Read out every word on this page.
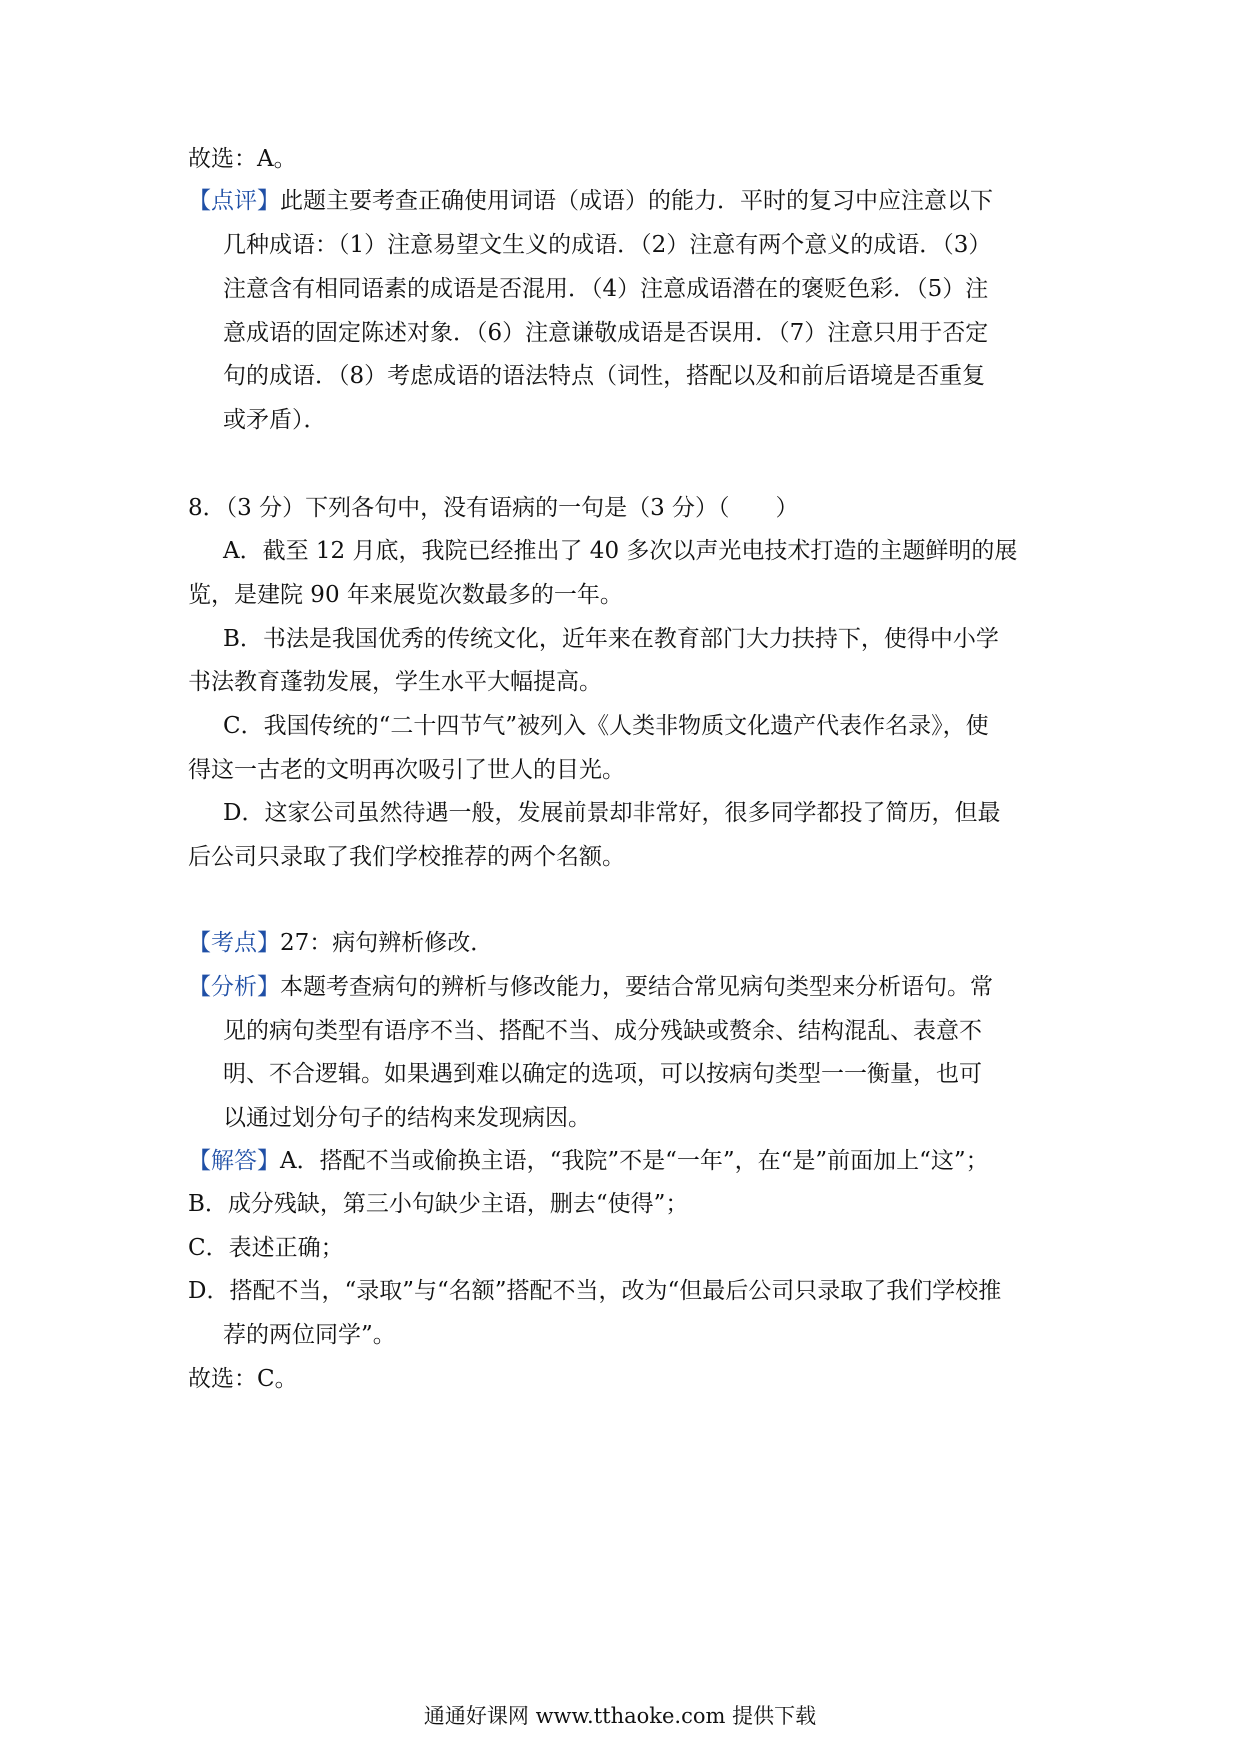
故选：A。
【点评】此题主要考查正确使用词语（成语）的能力．平时的复习中应注意以下
几种成语：（1）注意易望文生义的成语．（2）注意有两个意义的成语．（3）
注意含有相同语素的成语是否混用．（4）注意成语潜在的褒贬色彩．（5）注
意成语的固定陈述对象．（6）注意谦敬成语是否误用．（7）注意只用于否定
句的成语．（8）考虑成语的语法特点（词性，搭配以及和前后语境是否重复
或矛盾）．
8．（3 分）下列各句中，没有语病的一句是（3 分）（　　）
A．截至 12 月底，我院已经推出了 40 多次以声光电技术打造的主题鲜明的展
览，是建院 90 年来展览次数最多的一年。
B．书法是我国优秀的传统文化，近年来在教育部门大力扶持下，使得中小学
书法教育蓬勃发展，学生水平大幅提高。
C．我国传统的“二十四节气”被列入《人类非物质文化遗产代表作名录》，使
得这一古老的文明再次吸引了世人的目光。
D．这家公司虽然待遇一般，发展前景却非常好，很多同学都投了简历，但最
后公司只录取了我们学校推荐的两个名额。
【考点】27：病句辨析修改．
【分析】本题考查病句的辨析与修改能力，要结合常见病句类型来分析语句。常
见的病句类型有语序不当、搭配不当、成分残缺或赘余、结构混乱、表意不
明、不合逻辑。如果遇到难以确定的选项，可以按病句类型一一衡量，也可
以通过划分句子的结构来发现病因。
【解答】A．搭配不当或偷换主语，“我院”不是“一年”，在“是”前面加上“这”；
B．成分残缺，第三小句缺少主语，删去“使得”；
C．表述正确；
D．搭配不当，“录取”与“名额”搭配不当，改为“但最后公司只录取了我们学校推
荐的两位同学”。
故选：C。
通通好课网 www.tthaoke.com 提供下载
